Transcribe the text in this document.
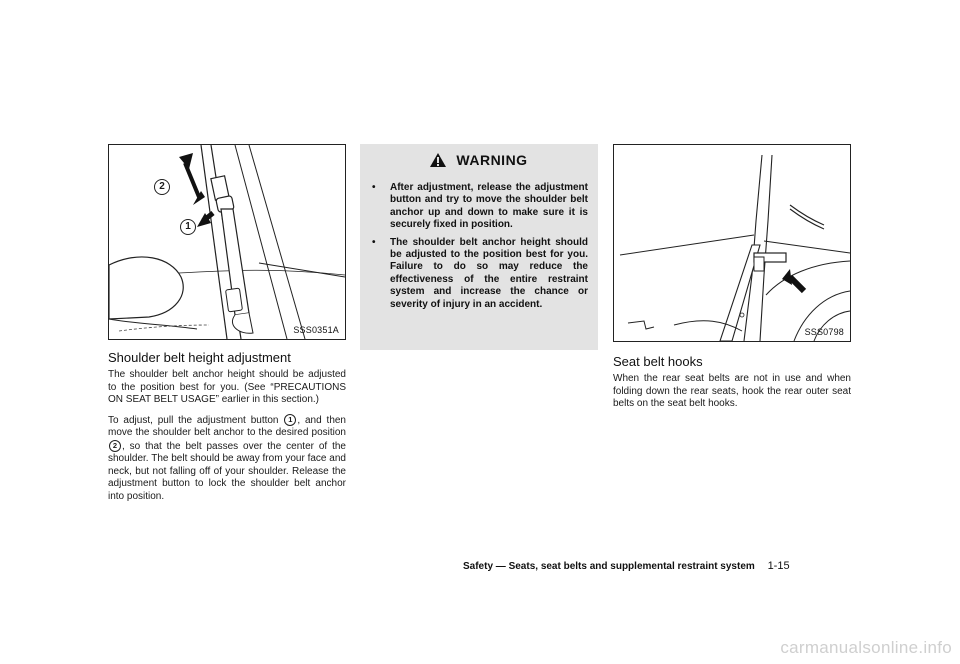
2
1
SSS0351A
Shoulder belt height adjustment

The shoulder belt anchor height should be adjusted to the position best for you. (See “PRECAUTIONS ON SEAT BELT USAGE” earlier in this section.)

To adjust, pull the adjustment button 1 , and then move the shoulder belt anchor to the desired position 2 , so that the belt passes over the center of the shoulder. The belt should be away from your face and neck, but not falling off of your shoulder. Release the adjustment button to lock the shoulder belt anchor into position.

WARNING
• After adjustment, release the adjustment button and try to move the shoulder belt anchor up and down to make sure it is securely fixed in position.
• The shoulder belt anchor height should be adjusted to the position best for you. Failure to do so may reduce the effectiveness of the entire restraint system and increase the chance or severity of injury in an accident.
SSS0798
Seat belt hooks

When the rear seat belts are not in use and when folding down the rear seats, hook the rear outer seat belts on the seat belt hooks.

Safety — Seats, seat belts and supplemental restraint system 1-15
carmanualsonline.info
